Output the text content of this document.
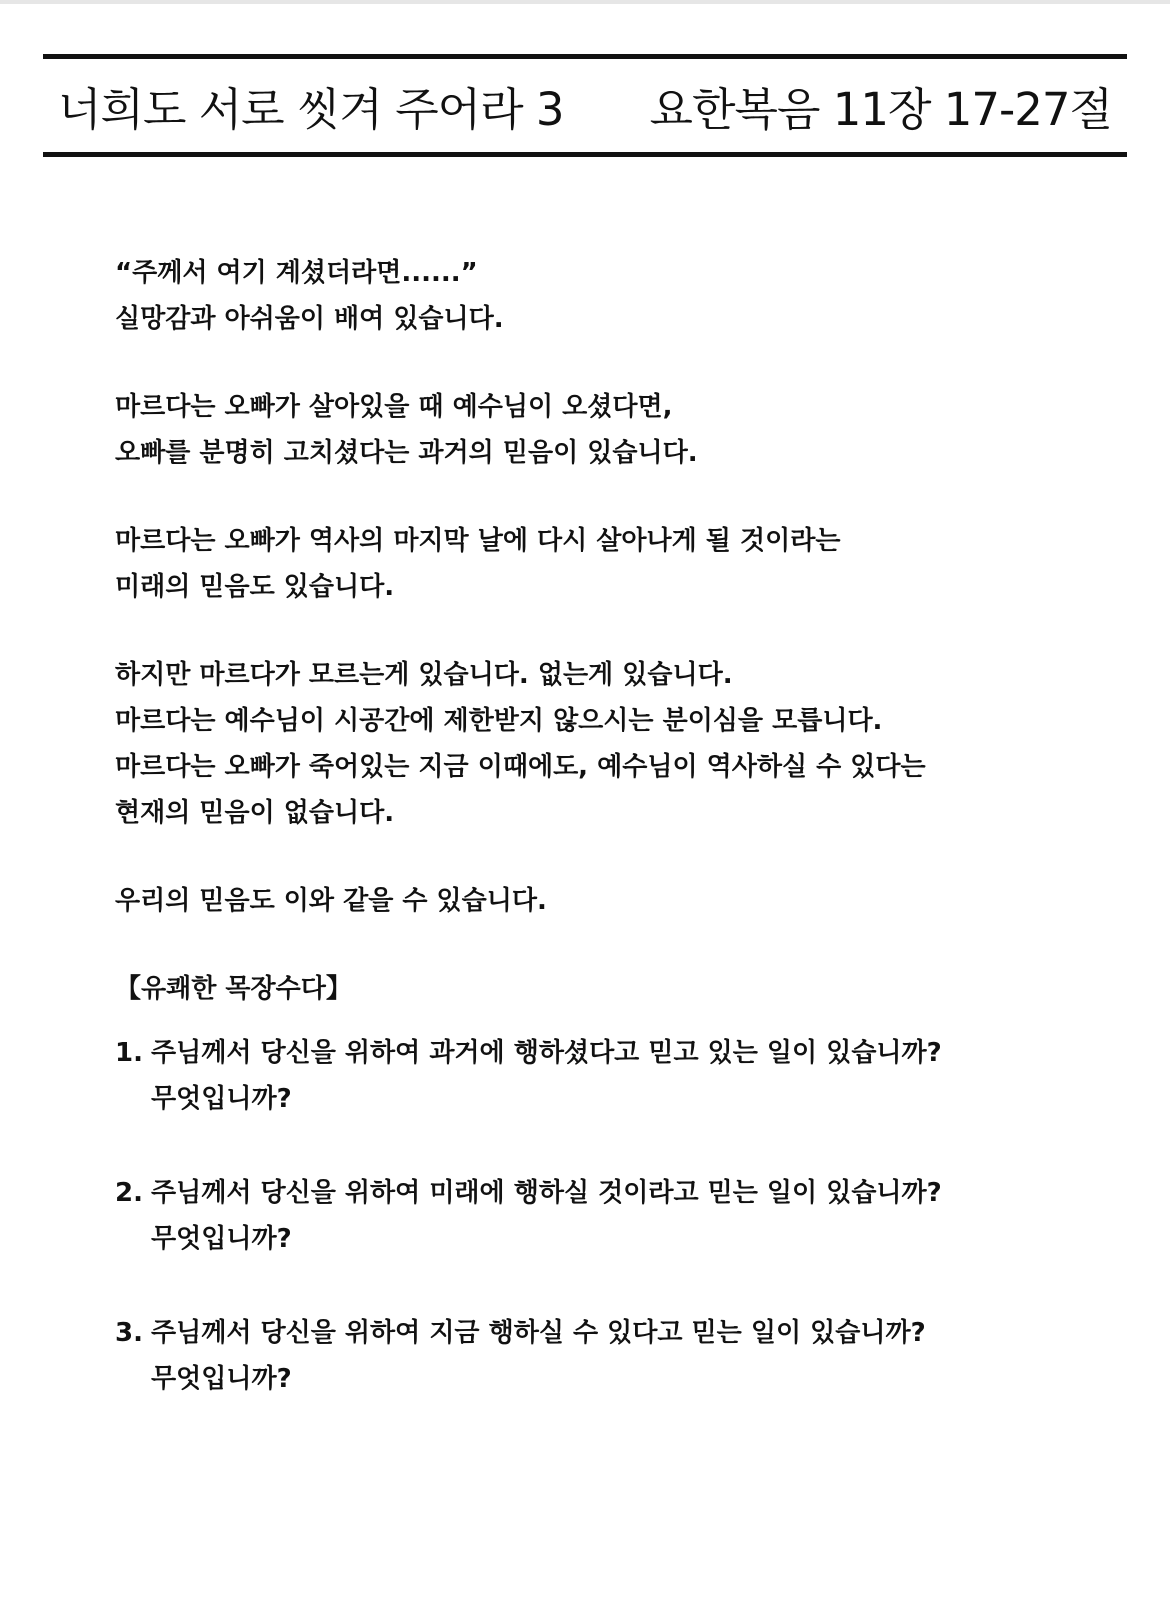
너희도 서로 씻겨 주어라 3 요한복음 11장 17-27절
“주께서 여기 계셨더라면......”
실망감과 아쉬움이 배여 있습니다.
마르다는 오빠가 살아있을 때 예수님이 오셨다면,
오빠를 분명히 고치셨다는 과거의 믿음이 있습니다.
마르다는 오빠가 역사의 마지막 날에 다시 살아나게 될 것이라는
미래의 믿음도 있습니다.
하지만 마르다가 모르는게 있습니다. 없는게 있습니다.
마르다는 예수님이 시공간에 제한받지 않으시는 분이심을 모릅니다.
마르다는 오빠가 죽어있는 지금 이때에도, 예수님이 역사하실 수 있다는
현재의 믿음이 없습니다.
우리의 믿음도 이와 같을 수 있습니다.
【유쾌한 목장수다】
1. 주님께서 당신을 위하여 과거에 행하셨다고 믿고 있는 일이 있습니까?
무엇입니까?
2. 주님께서 당신을 위하여 미래에 행하실 것이라고 믿는 일이 있습니까?
무엇입니까?
3. 주님께서 당신을 위하여 지금 행하실 수 있다고 믿는 일이 있습니까?
무엇입니까?
